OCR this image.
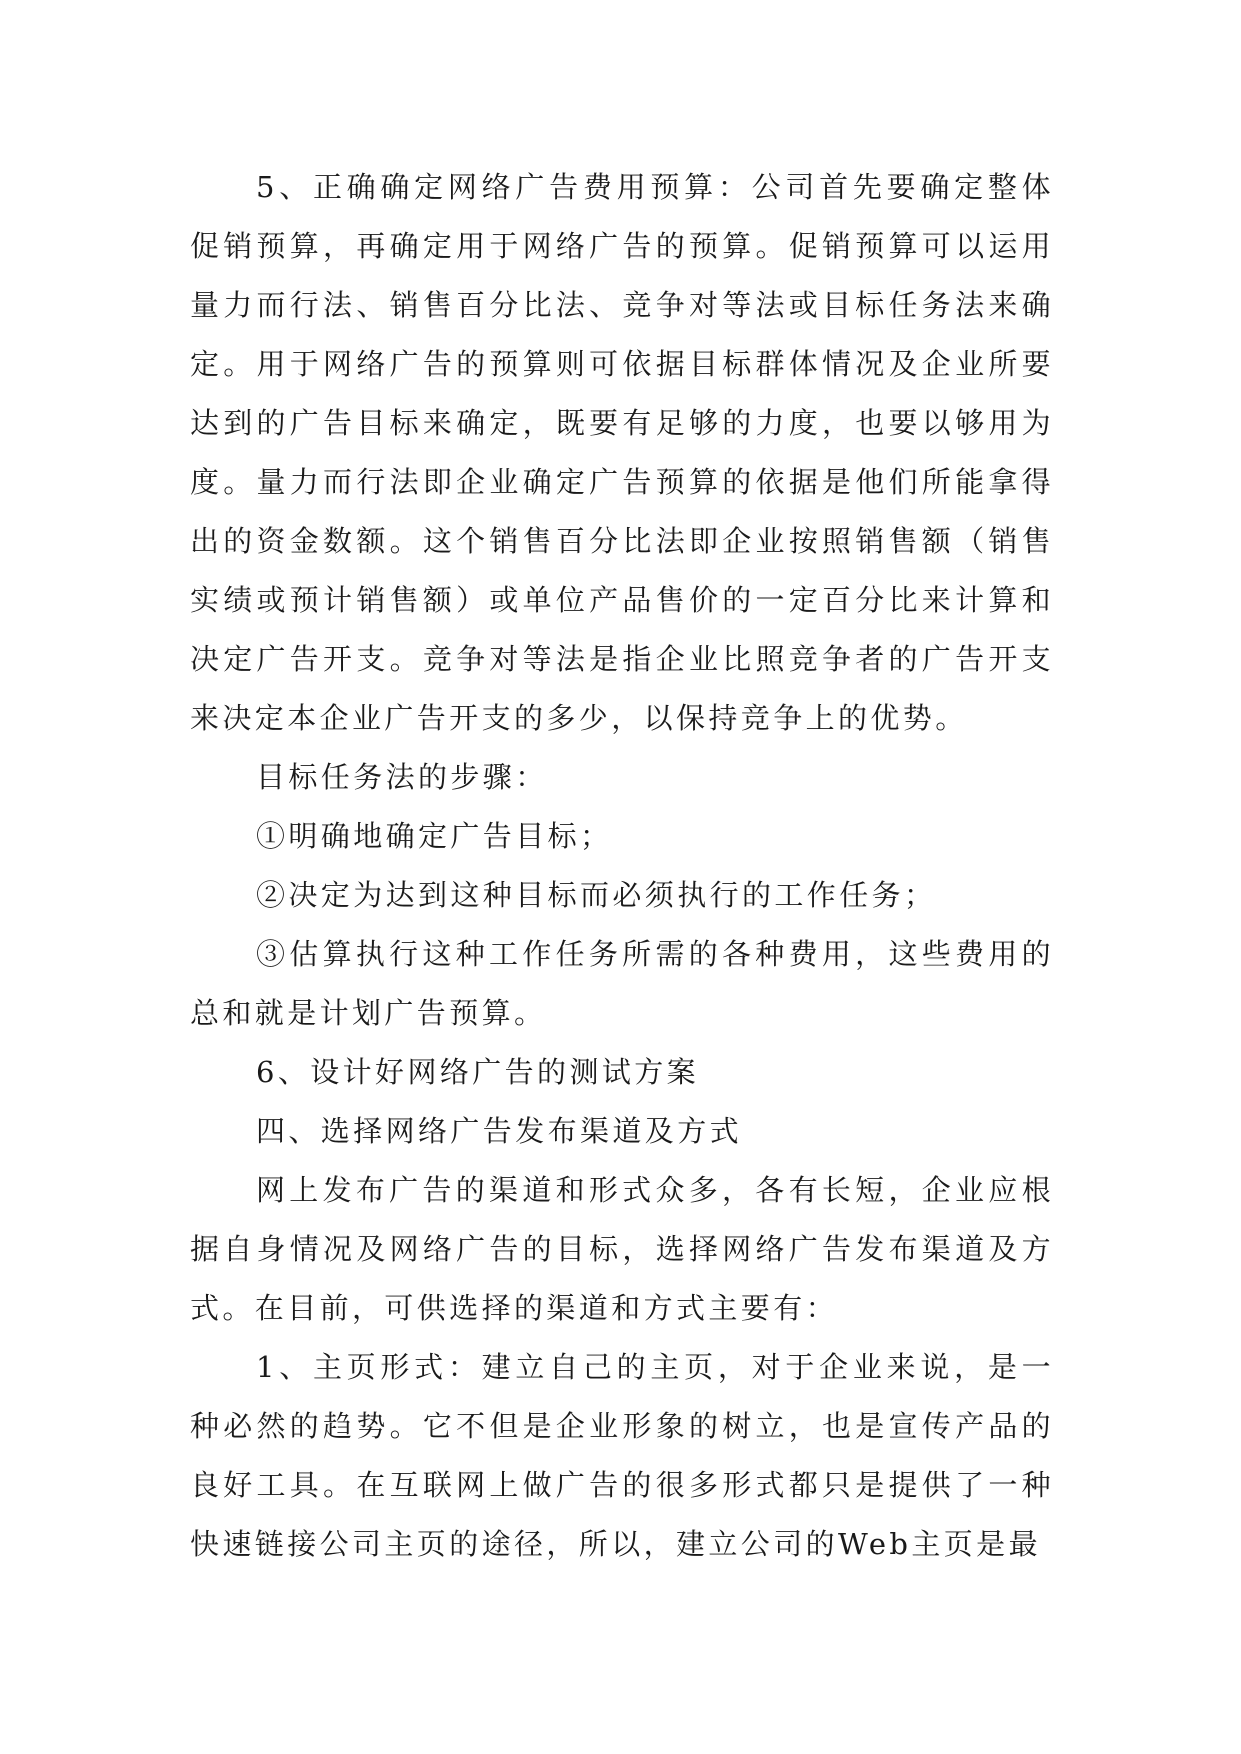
5、正确确定网络广告费用预算：公司首先要确定整体促销预算，再确定用于网络广告的预算。促销预算可以运用量力而行法、销售百分比法、竞争对等法或目标任务法来确定。用于网络广告的预算则可依据目标群体情况及企业所要达到的广告目标来确定，既要有足够的力度，也要以够用为度。量力而行法即企业确定广告预算的依据是他们所能拿得出的资金数额。这个销售百分比法即企业按照销售额（销售实绩或预计销售额）或单位产品售价的一定百分比来计算和决定广告开支。竞争对等法是指企业比照竞争者的广告开支来决定本企业广告开支的多少，以保持竞争上的优势。

目标任务法的步骤：

①明确地确定广告目标；

②决定为达到这种目标而必须执行的工作任务；

③估算执行这种工作任务所需的各种费用，这些费用的总和就是计划广告预算。

6、设计好网络广告的测试方案

四、选择网络广告发布渠道及方式

网上发布广告的渠道和形式众多，各有长短，企业应根据自身情况及网络广告的目标，选择网络广告发布渠道及方式。在目前，可供选择的渠道和方式主要有：

1、主页形式：建立自己的主页，对于企业来说，是一种必然的趋势。它不但是企业形象的树立，也是宣传产品的良好工具。在互联网上做广告的很多形式都只是提供了一种快速链接公司主页的途径，所以，建立公司的Web主页是最
